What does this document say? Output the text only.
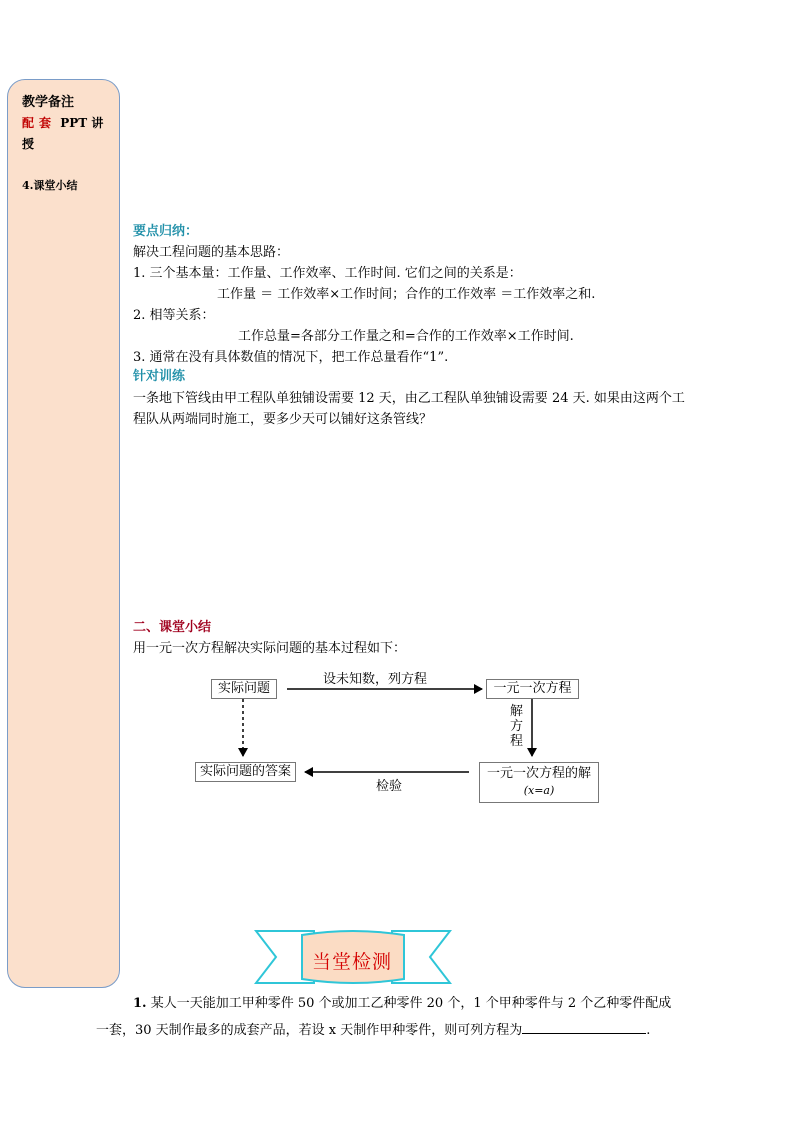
教学备注
配套 PPT 讲授
4.课堂小结
要点归纳：
解决工程问题的基本思路：
1. 三个基本量：工作量、工作效率、工作时间. 它们之间的关系是：
工作量 ＝ 工作效率×工作时间；合作的工作效率 ＝工作效率之和.
2. 相等关系：
工作总量=各部分工作量之和=合作的工作效率×工作时间.
3. 通常在没有具体数值的情况下，把工作总量看作“1”.
针对训练
一条地下管线由甲工程队单独铺设需要 12 天，由乙工程队单独铺设需要 24 天. 如果由这两个工
程队从两端同时施工，要多少天可以铺好这条管线？
二、课堂小结
用一元一次方程解决实际问题的基本过程如下：
实际问题	一元一次方程
一元一次方程的解
(x=a)
实际问题的答案
设未知数，列方程
解方程
检验
当堂检测
1. 某人一天能加工甲种零件 50 个或加工乙种零件 20 个，1 个甲种零件与 2 个乙种零件配成
一套，30 天制作最多的成套产品，若设 x 天制作甲种零件，则可列方程为	.
